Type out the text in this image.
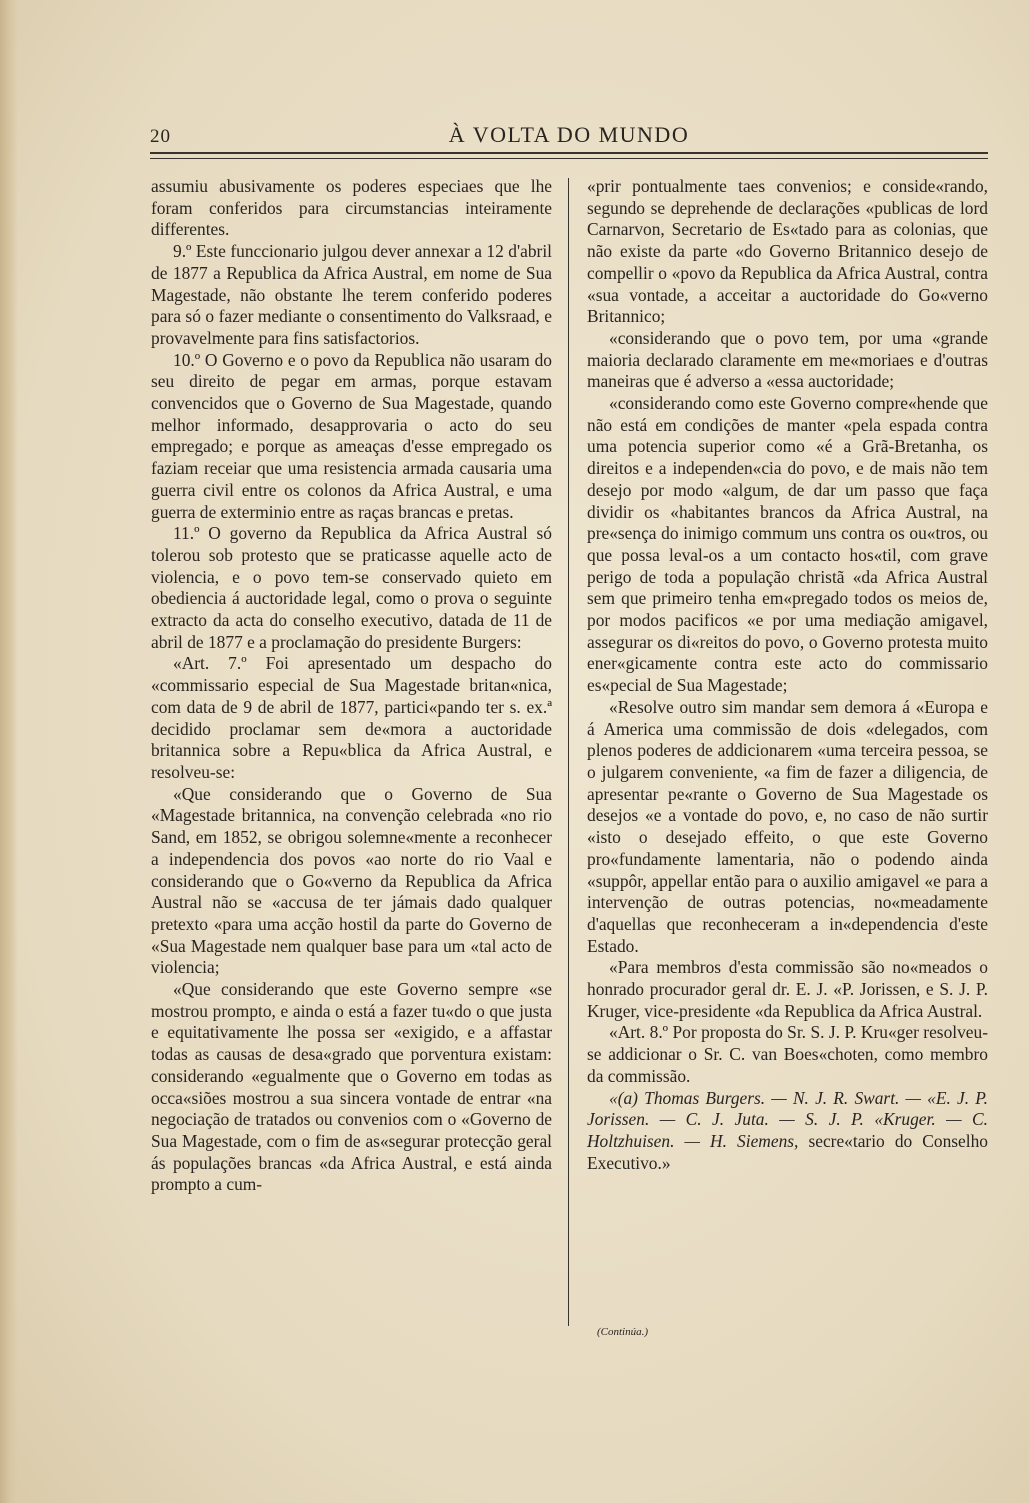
20	À VOLTA DO MUNDO

assumiu abusivamente os poderes especiaes que lhe foram conferidos para circumstancias inteiramente differentes.

9.º Este funccionario julgou dever annexar a 12 d'abril de 1877 a Republica da Africa Austral, em nome de Sua Magestade, não obstante lhe terem conferido poderes para só o fazer mediante o consentimento do Valksraad, e provavelmente para fins satisfactorios.

10.º O Governo e o povo da Republica não usaram do seu direito de pegar em armas, porque estavam convencidos que o Governo de Sua Magestade, quando melhor informado, desapprovaria o acto do seu empregado; e porque as ameaças d'esse empregado os faziam receiar que uma resistencia armada causaria uma guerra civil entre os colonos da Africa Austral, e uma guerra de exterminio entre as raças brancas e pretas.

11.º O governo da Republica da Africa Austral só tolerou sob protesto que se praticasse aquelle acto de violencia, e o povo tem-se conservado quieto em obediencia á auctoridade legal, como o prova o seguinte extracto da acta do conselho executivo, datada de 11 de abril de 1877 e a proclamação do presidente Burgers:

«Art. 7.º Foi apresentado um despacho do «commissario especial de Sua Magestade britan«nica, com data de 9 de abril de 1877, partici«pando ter s. ex.ª decidido proclamar sem de«mora a auctoridade britannica sobre a Repu«blica da Africa Austral, e resolveu-se:

«Que considerando que o Governo de Sua «Magestade britannica, na convenção celebrada «no rio Sand, em 1852, se obrigou solemne«mente a reconhecer a independencia dos povos «ao norte do rio Vaal e considerando que o Go«verno da Republica da Africa Austral não se «accusa de ter jámais dado qualquer pretexto «para uma acção hostil da parte do Governo de «Sua Magestade nem qualquer base para um «tal acto de violencia;

«Que considerando que este Governo sempre «se mostrou prompto, e ainda o está a fazer tu«do o que justa e equitativamente lhe possa ser «exigido, e a affastar todas as causas de desa«grado que porventura existam: considerando «egualmente que o Governo em todas as occa«siões mostrou a sua sincera vontade de entrar «na negociação de tratados ou convenios com o «Governo de Sua Magestade, com o fim de as«segurar protecção geral ás populações brancas «da Africa Austral, e está ainda prompto a cum-

«prir pontualmente taes convenios; e conside«rando, segundo se deprehende de declarações «publicas de lord Carnarvon, Secretario de Es«tado para as colonias, que não existe da parte «do Governo Britannico desejo de compellir o «povo da Republica da Africa Austral, contra «sua vontade, a acceitar a auctoridade do Go«verno Britannico;

«considerando que o povo tem, por uma «grande maioria declarado claramente em me«moriaes e d'outras maneiras que é adverso a «essa auctoridade;

«considerando como este Governo compre«hende que não está em condições de manter «pela espada contra uma potencia superior como «é a Grã-Bretanha, os direitos e a independen«cia do povo, e de mais não tem desejo por modo «algum, de dar um passo que faça dividir os «habitantes brancos da Africa Austral, na pre«sença do inimigo commum uns contra os ou«tros, ou que possa leval-os a um contacto hos«til, com grave perigo de toda a população christã «da Africa Austral sem que primeiro tenha em«pregado todos os meios de, por modos pacificos «e por uma mediação amigavel, assegurar os di«reitos do povo, o Governo protesta muito ener«gicamente contra este acto do commissario es«pecial de Sua Magestade;

«Resolve outro sim mandar sem demora á «Europa e á America uma commissão de dois «delegados, com plenos poderes de addicionarem «uma terceira pessoa, se o julgarem conveniente, «a fim de fazer a diligencia, de apresentar pe«rante o Governo de Sua Magestade os desejos «e a vontade do povo, e, no caso de não surtir «isto o desejado effeito, o que este Governo pro«fundamente lamentaria, não o podendo ainda «suppôr, appellar então para o auxilio amigavel «e para a intervenção de outras potencias, no«meadamente d'aquellas que reconheceram a in«dependencia d'este Estado.

«Para membros d'esta commissão são no«meados o honrado procurador geral dr. E. J. «P. Jorissen, e S. J. P. Kruger, vice-presidente «da Republica da Africa Austral.

«Art. 8.º Por proposta do Sr. S. J. P. Kru«ger resolveu-se addicionar o Sr. C. van Boes«choten, como membro da commissão.

«(a) Thomas Burgers. — N. J. R. Swart. — «E. J. P. Jorissen. — C. J. Juta. — S. J. P. «Kruger. — C. Holtzhuisen. — H. Siemens, secre«tario do Conselho Executivo.»

(Continúa.)
